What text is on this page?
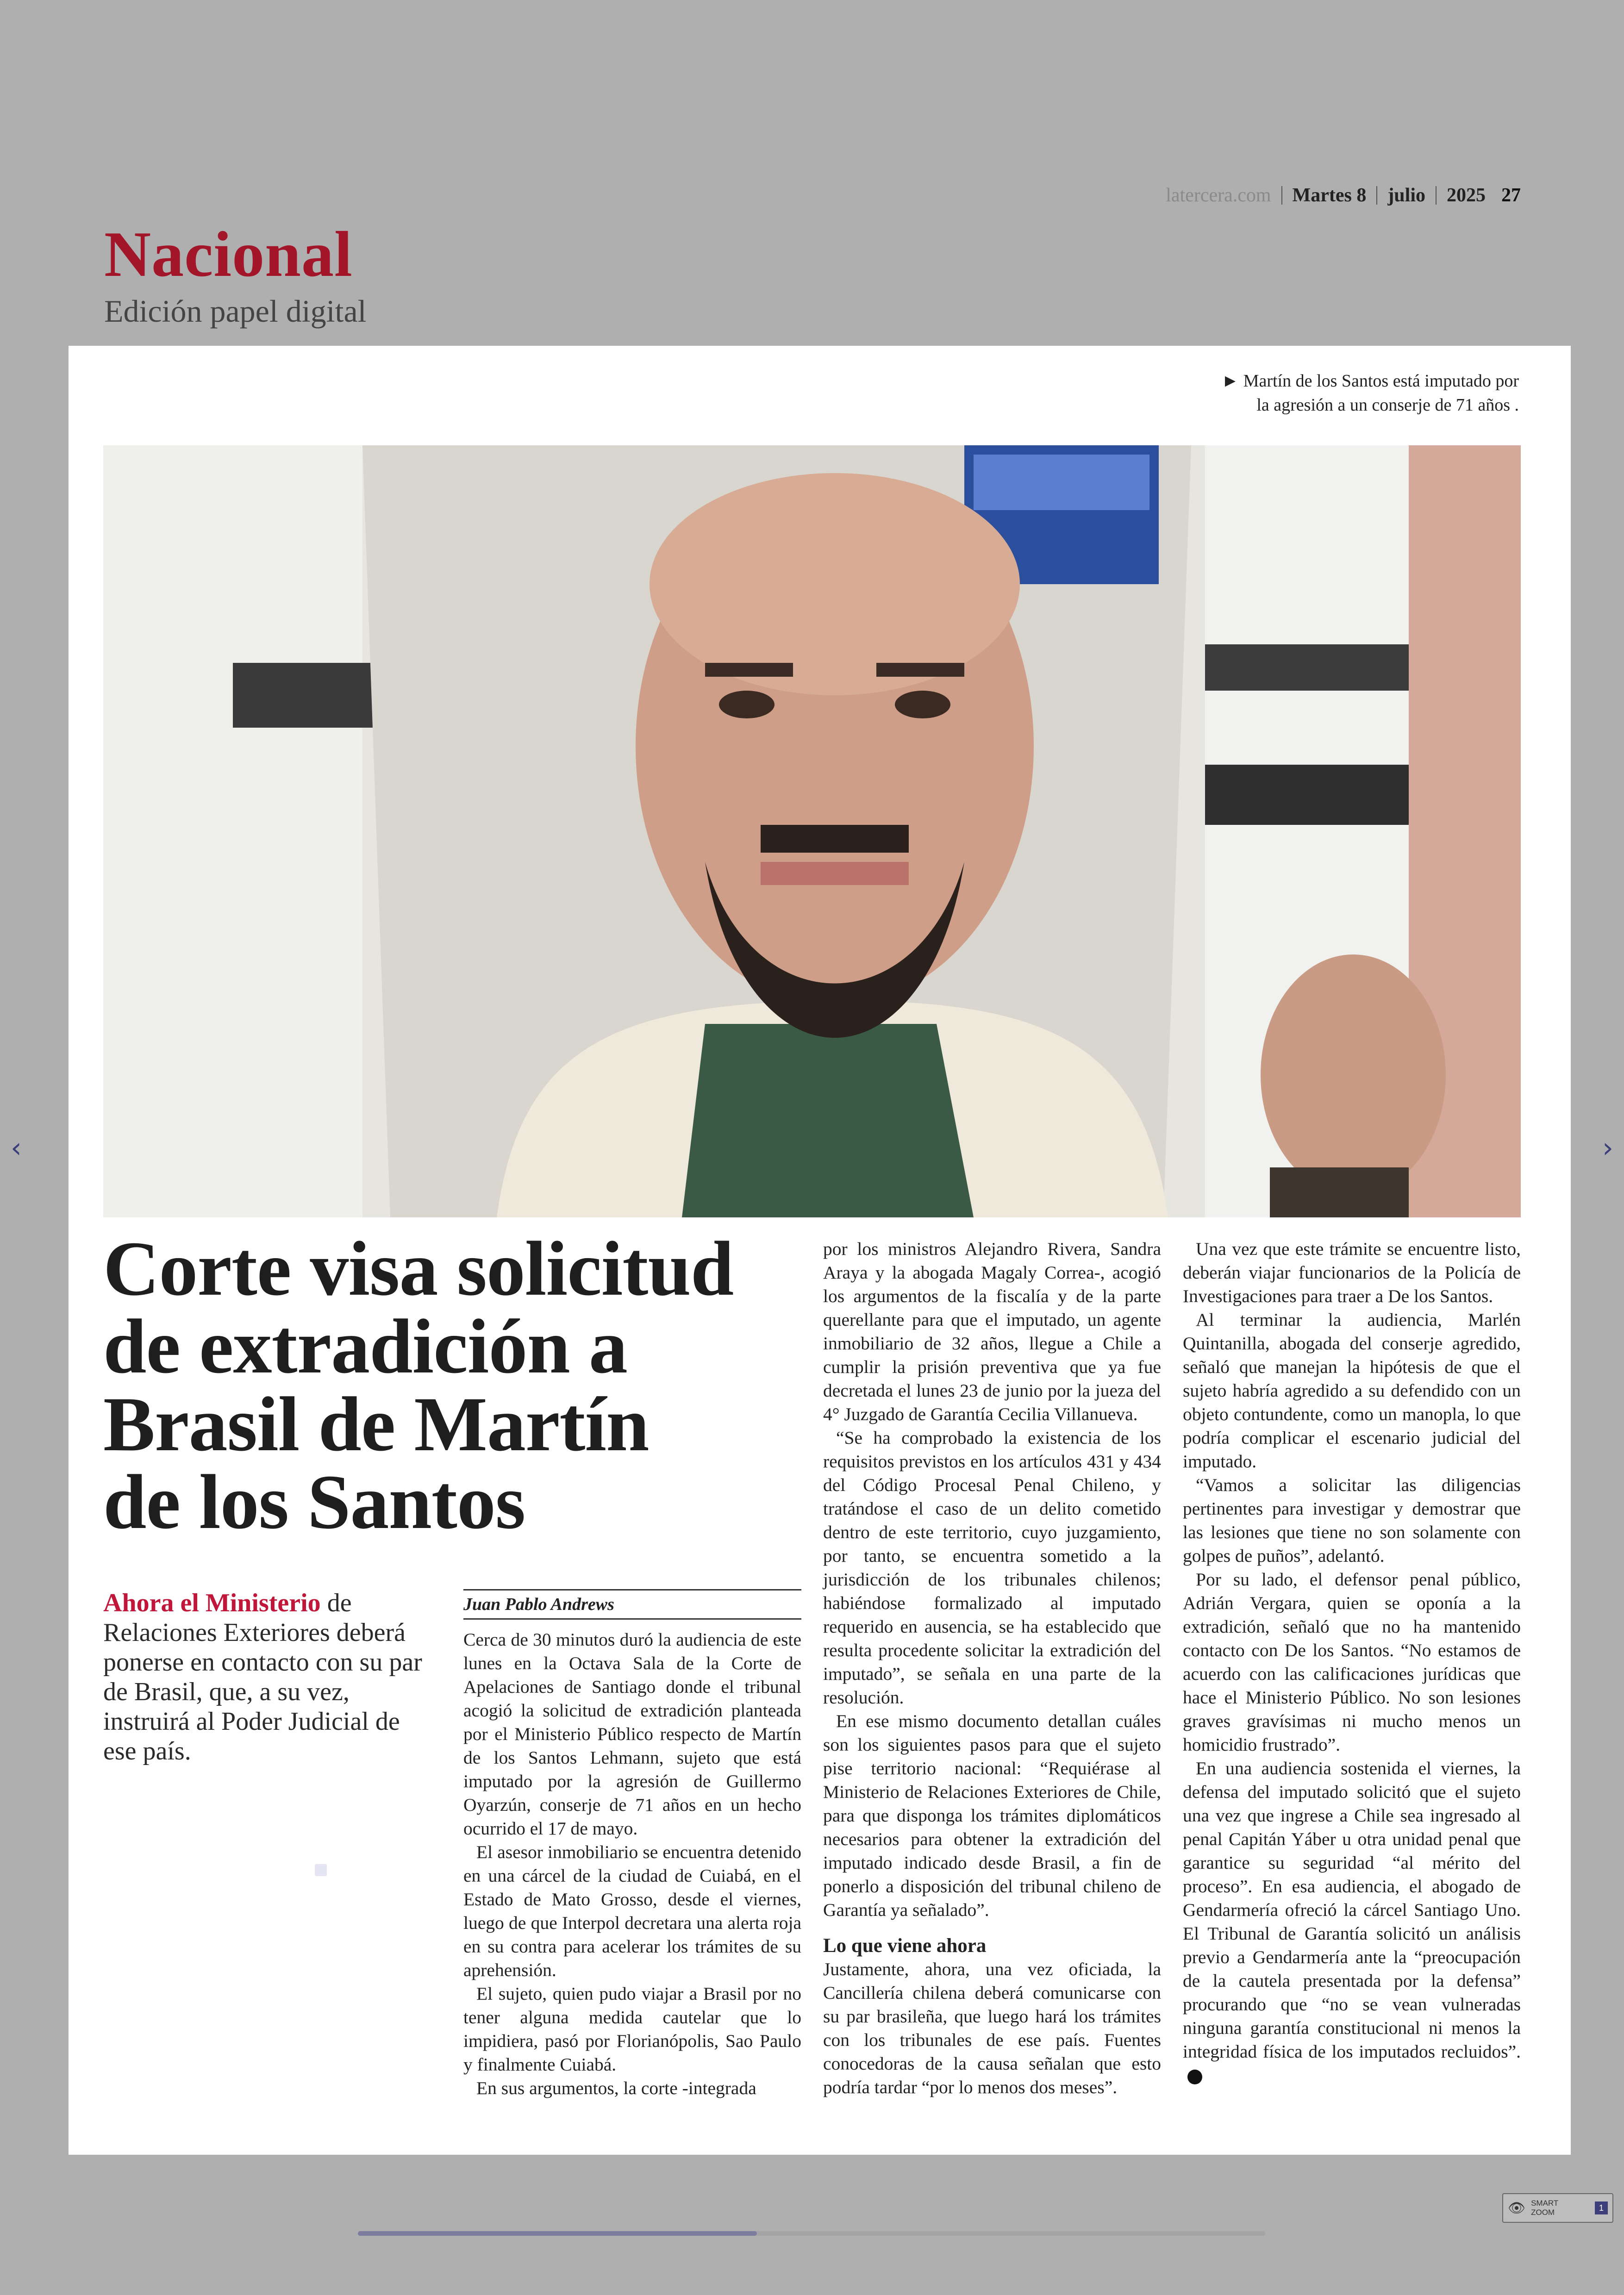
latercera.com Martes
8 julio 2025 27
Nacional
Edición papel digital
► Martín de los Santos está imputado por
la agresión a un conserje de 71 años .
Corte visa solicitud
de extradición a
Brasil de Martín
de los Santos
Ahora el Ministerio de Relaciones Exteriores deberá ponerse en contacto con su par de Brasil, que, a su vez, instruirá al Poder Judicial de ese país.
Juan Pablo Andrews

Cerca de 30 minutos duró la audiencia de este lunes en la Octava Sala de la Corte de Apelaciones de Santiago donde el tribunal acogió la solicitud de extradición planteada por el Ministerio Público respecto de Martín de los Santos Lehmann, sujeto que está imputado por la agresión de Guillermo Oyarzún, conserje de 71 años en un hecho ocurrido el 17 de mayo.

El asesor inmobiliario se encuentra detenido en una cárcel de la ciudad de Cuiabá, en el Estado de Mato Grosso, desde el viernes, luego de que Interpol decretara una alerta roja en su contra para acelerar los trámites de su aprehensión.

El sujeto, quien pudo viajar a Brasil por no tener alguna medida cautelar que lo impidiera, pasó por Florianópolis, Sao Paulo y finalmente Cuiabá.

En sus argumentos, la corte -integrada

por los ministros Alejandro Rivera, Sandra Araya y la abogada Magaly Correa-, acogió los argumentos de la fiscalía y de la parte querellante para que el imputado, un agente inmobiliario de 32 años, llegue a Chile a cumplir la prisión preventiva que ya fue decretada el lunes 23 de junio por la jueza del 4° Juzgado de Garantía Cecilia Villanueva.

“Se ha comprobado la existencia de los requisitos previstos en los artículos 431 y 434 del Código Procesal Penal Chileno, y tratándose el caso de un delito cometido dentro de este territorio, cuyo juzgamiento, por tanto, se encuentra sometido a la jurisdicción de los tribunales chilenos; habiéndose formalizado al imputado requerido en ausencia, se ha establecido que resulta procedente solicitar la extradición del imputado”, se señala en una parte de la resolución.

En ese mismo documento detallan cuáles son los siguientes pasos para que el sujeto pise territorio nacional: “Requiérase al Ministerio de Relaciones Exteriores de Chile, para que disponga los trámites diplomáticos necesarios para obtener la extradición del imputado indicado desde Brasil, a fin de ponerlo a disposición del tribunal chileno de Garantía ya señalado”.

Lo que viene ahora

Justamente, ahora, una vez oficiada, la Cancillería chilena deberá comunicarse con su par brasileña, que luego hará los trámites con los tribunales de ese país. Fuentes conocedoras de la causa señalan que esto podría tardar “por lo menos dos meses”.

Una vez que este trámite se encuentre listo, deberán viajar funcionarios de la Policía de Investigaciones para traer a De los Santos.

Al terminar la audiencia, Marlén Quintanilla, abogada del conserje agredido, señaló que manejan la hipótesis de que el sujeto habría agredido a su defendido con un objeto contundente, como un manopla, lo que podría complicar el escenario judicial del imputado.

“Vamos a solicitar las diligencias pertinentes para investigar y demostrar que las lesiones que tiene no son solamente con golpes de puños”, adelantó.

Por su lado, el defensor penal público, Adrián Vergara, quien se oponía a la extradición, señaló que no ha mantenido contacto con De los Santos. “No estamos de acuerdo con las calificaciones jurídicas que hace el Ministerio Público. No son lesiones graves gravísimas ni mucho menos un homicidio frustrado”.

En una audiencia sostenida el viernes, la defensa del imputado solicitó que el sujeto una vez que ingrese a Chile sea ingresado al penal Capitán Yáber u otra unidad penal que garantice su seguridad “al mérito del proceso”. En esa audiencia, el abogado de Gendarmería ofreció la cárcel Santiago Uno. El Tribunal de Garantía solicitó un análisis previo a Gendarmería ante la “preocupación de la cautela presentada por la defensa” procurando que “no se vean vulneradas ninguna garantía constitucional ni menos la integridad física de los imputados recluidos”.

‹	›
👁 SMART
ZOOM	1
